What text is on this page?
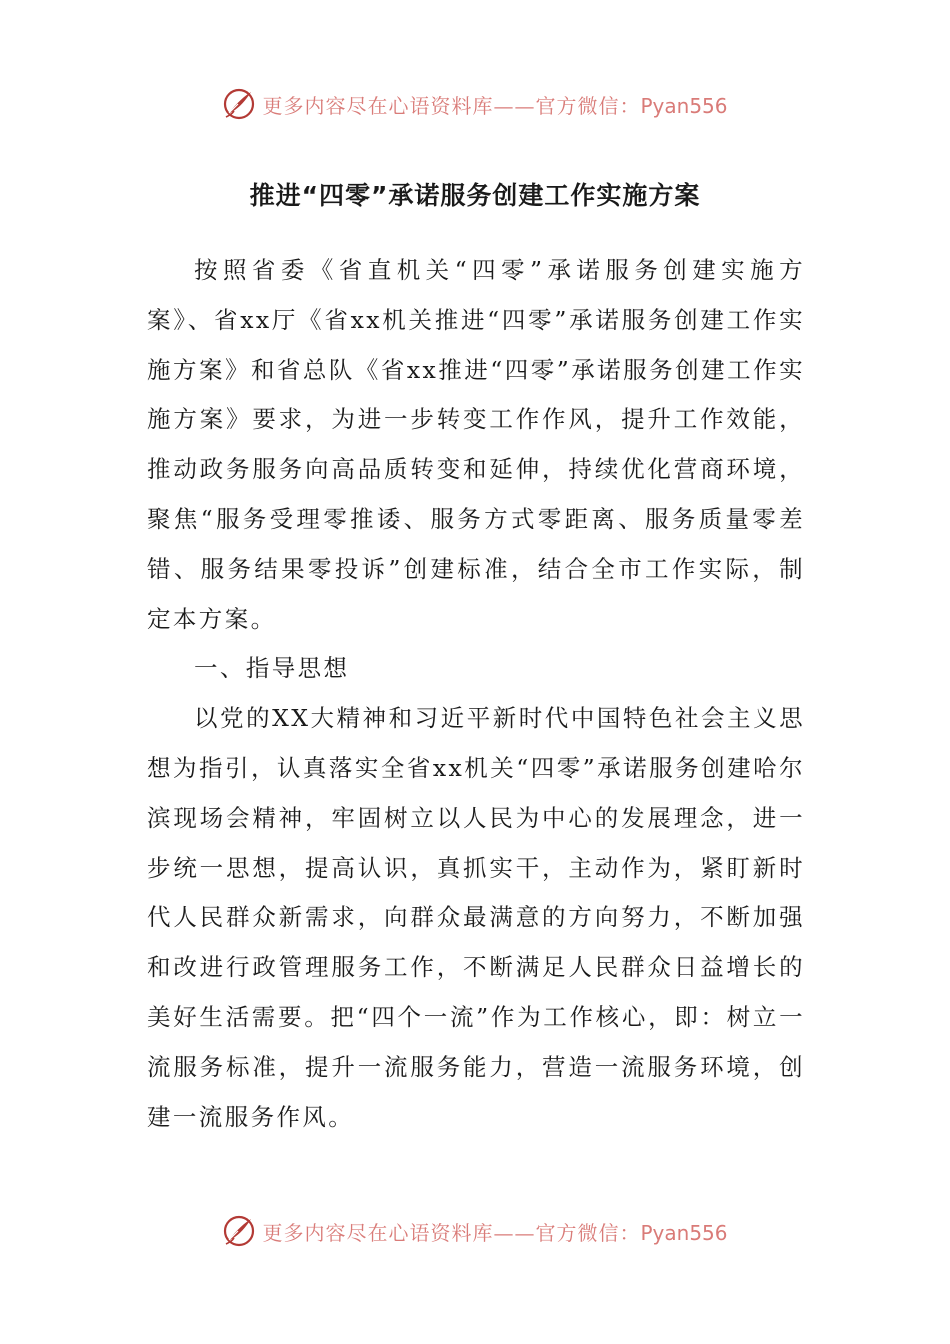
更多内容尽在心语资料库——官方微信：Pyan556
推进“四零”承诺服务创建工作实施方案

按照省委《省直机关“四零”承诺服务创建实施方案》、省xx厅《省xx机关推进“四零”承诺服务创建工作实施方案》和省总队《省xx推进“四零”承诺服务创建工作实施方案》要求，为进一步转变工作作风，提升工作效能，推动政务服务向高品质转变和延伸，持续优化营商环境，聚焦“服务受理零推诿、服务方式零距离、服务质量零差错、服务结果零投诉”创建标准，结合全市工作实际，制定本方案。

一、指导思想

以党的XX大精神和习近平新时代中国特色社会主义思想为指引，认真落实全省xx机关“四零”承诺服务创建哈尔滨现场会精神，牢固树立以人民为中心的发展理念，进一步统一思想，提高认识，真抓实干，主动作为，紧盯新时代人民群众新需求，向群众最满意的方向努力，不断加强和改进行政管理服务工作，不断满足人民群众日益增长的美好生活需要。把“四个一流”作为工作核心，即：树立一流服务标准，提升一流服务能力，营造一流服务环境，创建一流服务作风。

更多内容尽在心语资料库——官方微信：Pyan556
